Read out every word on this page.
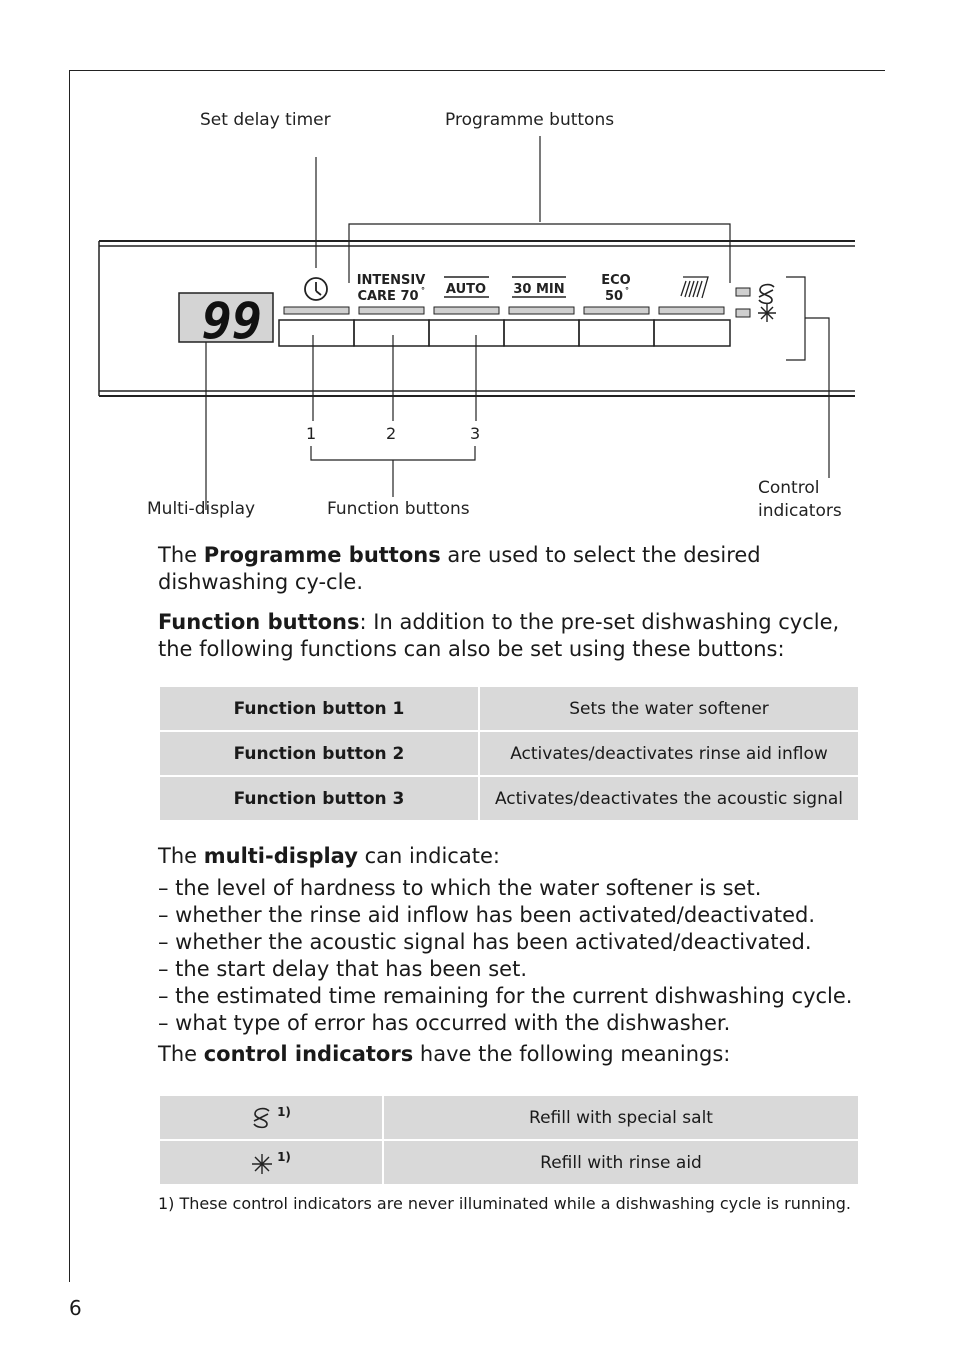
99
INTENSIV
CARE 70 ° AUTO 30 MIN
ECO
50 °
Set delay timer	Programme buttons
1	2	3
Multi-display	Function buttons
Control
indicators
The Programme buttons are used to select the desired dishwashing cy-cle.
Function buttons: In addition to the pre-set dishwashing cycle, the following functions can also be set using these buttons:
Function button 1	Sets the water softener
Function button 2	Activates/deactivates rinse aid inflow
Function button 3	Activates/deactivates the acoustic signal
The multi-display can indicate:
– the level of hardness to which the water softener is set.
– whether the rinse aid inflow has been activated/deactivated.
– whether the acoustic signal has been activated/deactivated.
– the start delay that has been set.
– the estimated time remaining for the current dishwashing cycle.
– what type of error has occurred with the dishwasher.
The control indicators have the following meanings:
$^{1)}$	Refill with special salt
$^{1)}$	Refill with rinse aid
1) These control indicators are never illuminated while a dishwashing cycle is running.
6
